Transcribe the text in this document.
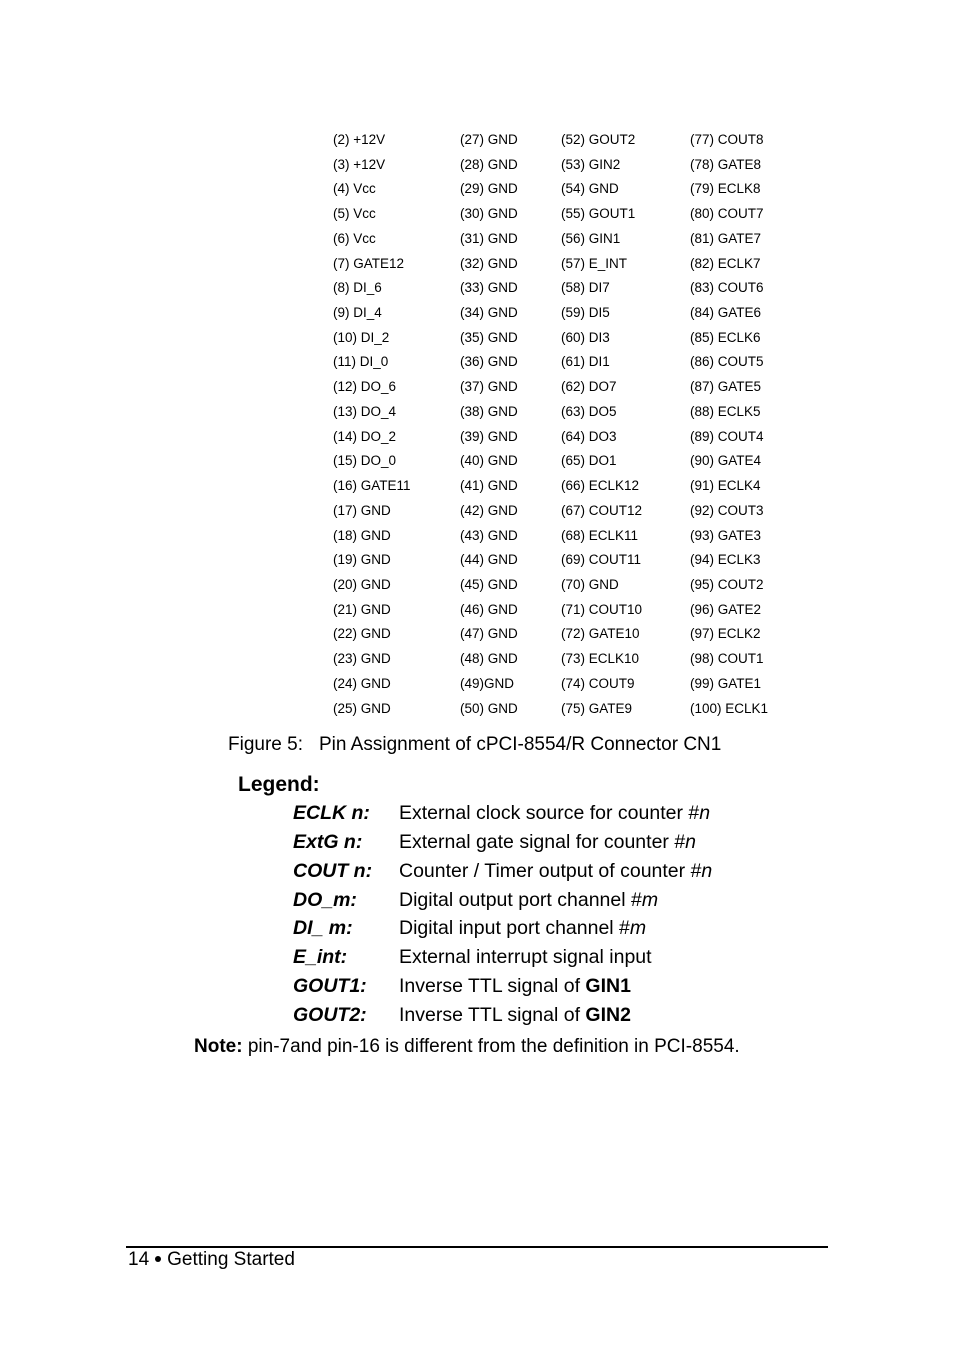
(2) +12V	(27) GND	(52) GOUT2	(77) COUT8
(3) +12V	(28) GND	(53) GIN2	(78) GATE8
(4) Vcc	(29) GND	(54) GND	(79) ECLK8
(5) Vcc	(30) GND	(55) GOUT1	(80) COUT7
(6) Vcc	(31) GND	(56) GIN1	(81) GATE7
(7) GATE12	(32) GND	(57) E_INT	(82) ECLK7
(8) DI_6	(33) GND	(58) DI7	(83) COUT6
(9) DI_4	(34) GND	(59) DI5	(84) GATE6
(10) DI_2	(35) GND	(60) DI3	(85) ECLK6
(11) DI_0	(36) GND	(61) DI1	(86) COUT5
(12) DO_6	(37) GND	(62) DO7	(87) GATE5
(13) DO_4	(38) GND	(63) DO5	(88) ECLK5
(14) DO_2	(39) GND	(64) DO3	(89) COUT4
(15) DO_0	(40) GND	(65) DO1	(90) GATE4
(16) GATE11	(41) GND	(66) ECLK12	(91) ECLK4
(17) GND	(42) GND	(67) COUT12	(92) COUT3
(18) GND	(43) GND	(68) ECLK11	(93) GATE3
(19) GND	(44) GND	(69) COUT11	(94) ECLK3
(20) GND	(45) GND	(70) GND	(95) COUT2
(21) GND	(46) GND	(71) COUT10	(96) GATE2
(22) GND	(47) GND	(72) GATE10	(97) ECLK2
(23) GND	(48) GND	(73) ECLK10	(98) COUT1
(24) GND	(49)GND	(74) COUT9	(99) GATE1
(25) GND	(50) GND	(75) GATE9	(100) ECLK1
Figure 5: Pin Assignment of cPCI-8554/R Connector CN1
Legend:
ECLK n: External clock source for counter #n
ExtG n: External gate signal for counter #n
COUT n: Counter / Timer output of counter #n
DO_m: Digital output port channel #m
DI_ m: Digital input port channel #m
E_int:	External interrupt signal input
GOUT1: Inverse TTL signal of GIN1
GOUT2: Inverse TTL signal of GIN2
Note: pin-7and pin-16 is different from the definition in PCI-8554.
14 Getting Started
